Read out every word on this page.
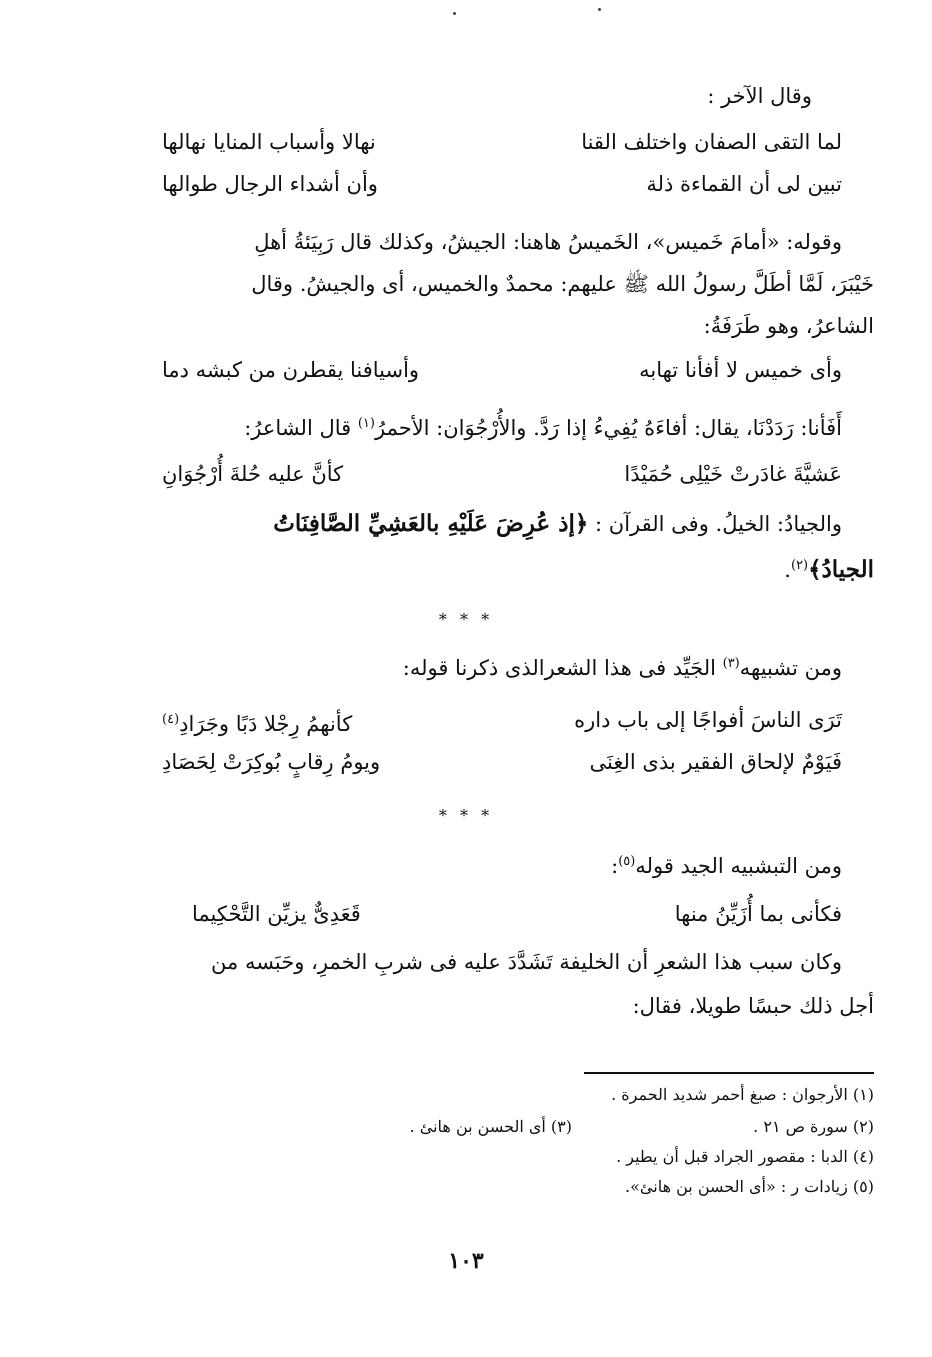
وقال الآخر :
لما التقى الصفان واختلف القنا
نهالا وأسباب المنايا نهالها
تبين لى أن القماءة ذلة
وأن أشداء الرجال طوالها
وقوله: «أمامَ خَميس»، الخَميسُ هاهنا: الجيشُ، وكذلك قال رَبِيَئةُ أهلِ
خَيْبَرَ، لَمَّا أطَلَّ رسولُ الله ﷺ عليهم: محمدٌ والخميس، أى والجيشُ. وقال
الشاعرُ، وهو طَرَفَةُ:
وأى خميس لا أفأنا تهابه
وأسيافنا يقطرن من كبشه دما
أَفَأنا: رَدَدْنَا، يقال: أفاءَهُ يُفِيءُ إذا رَدَّ. والأُرْجُوَان: الأحمرُ$^{(١)}$ قال الشاعرُ:
عَشيَّةَ غادَرتْ خَيْلِى حُمَيْدًا
كأنَّ عليه حُلةَ أُرْجُوَانِ
والجيادُ: الخيلُ. وفى القرآن : ﴿إذ عُرِضَ عَلَيْهِ بالعَشِيِّ الصَّافِنَاتُ
الجيادُ﴾$^{(٢)}$.
* * *
ومن تشبيهه$^{(٣)}$ الجَيِّد فى هذا الشعرالذى ذكرنا قوله:
تَرَى الناسَ أفواجًا إلى باب داره
كأنهمُ رِجْلا دَبًا وجَرَادِ$^{(٤)}$
فَيَوْمٌ لإلحاق الفقير بذى الغِنَى
ويومُ رِقابٍ بُوكِرَتْ لِحَصَادِ
* * *
ومن التبشبيه الجيد قوله$^{(٥)}$:
فكأنى بما أُزَيِّنُ منها
قَعَدِىٌّ يزيِّن التَّحْكِيما
وكان سبب هذا الشعرِ أن الخليفة تَشَدَّدَ عليه فى شربِ الخمرِ، وحَبَسه من
أجل ذلك حبسًا طويلا، فقال:
(١) الأرجوان : صبغ أحمر شديد الحمرة .
(٢) سورة ص ٢١ .
(٣) أى الحسن بن هانئ .
(٤) الدبا : مقصور الجراد قبل أن يطير .
(٥) زيادات ر : «أى الحسن بن هانئ».
١٠٣
